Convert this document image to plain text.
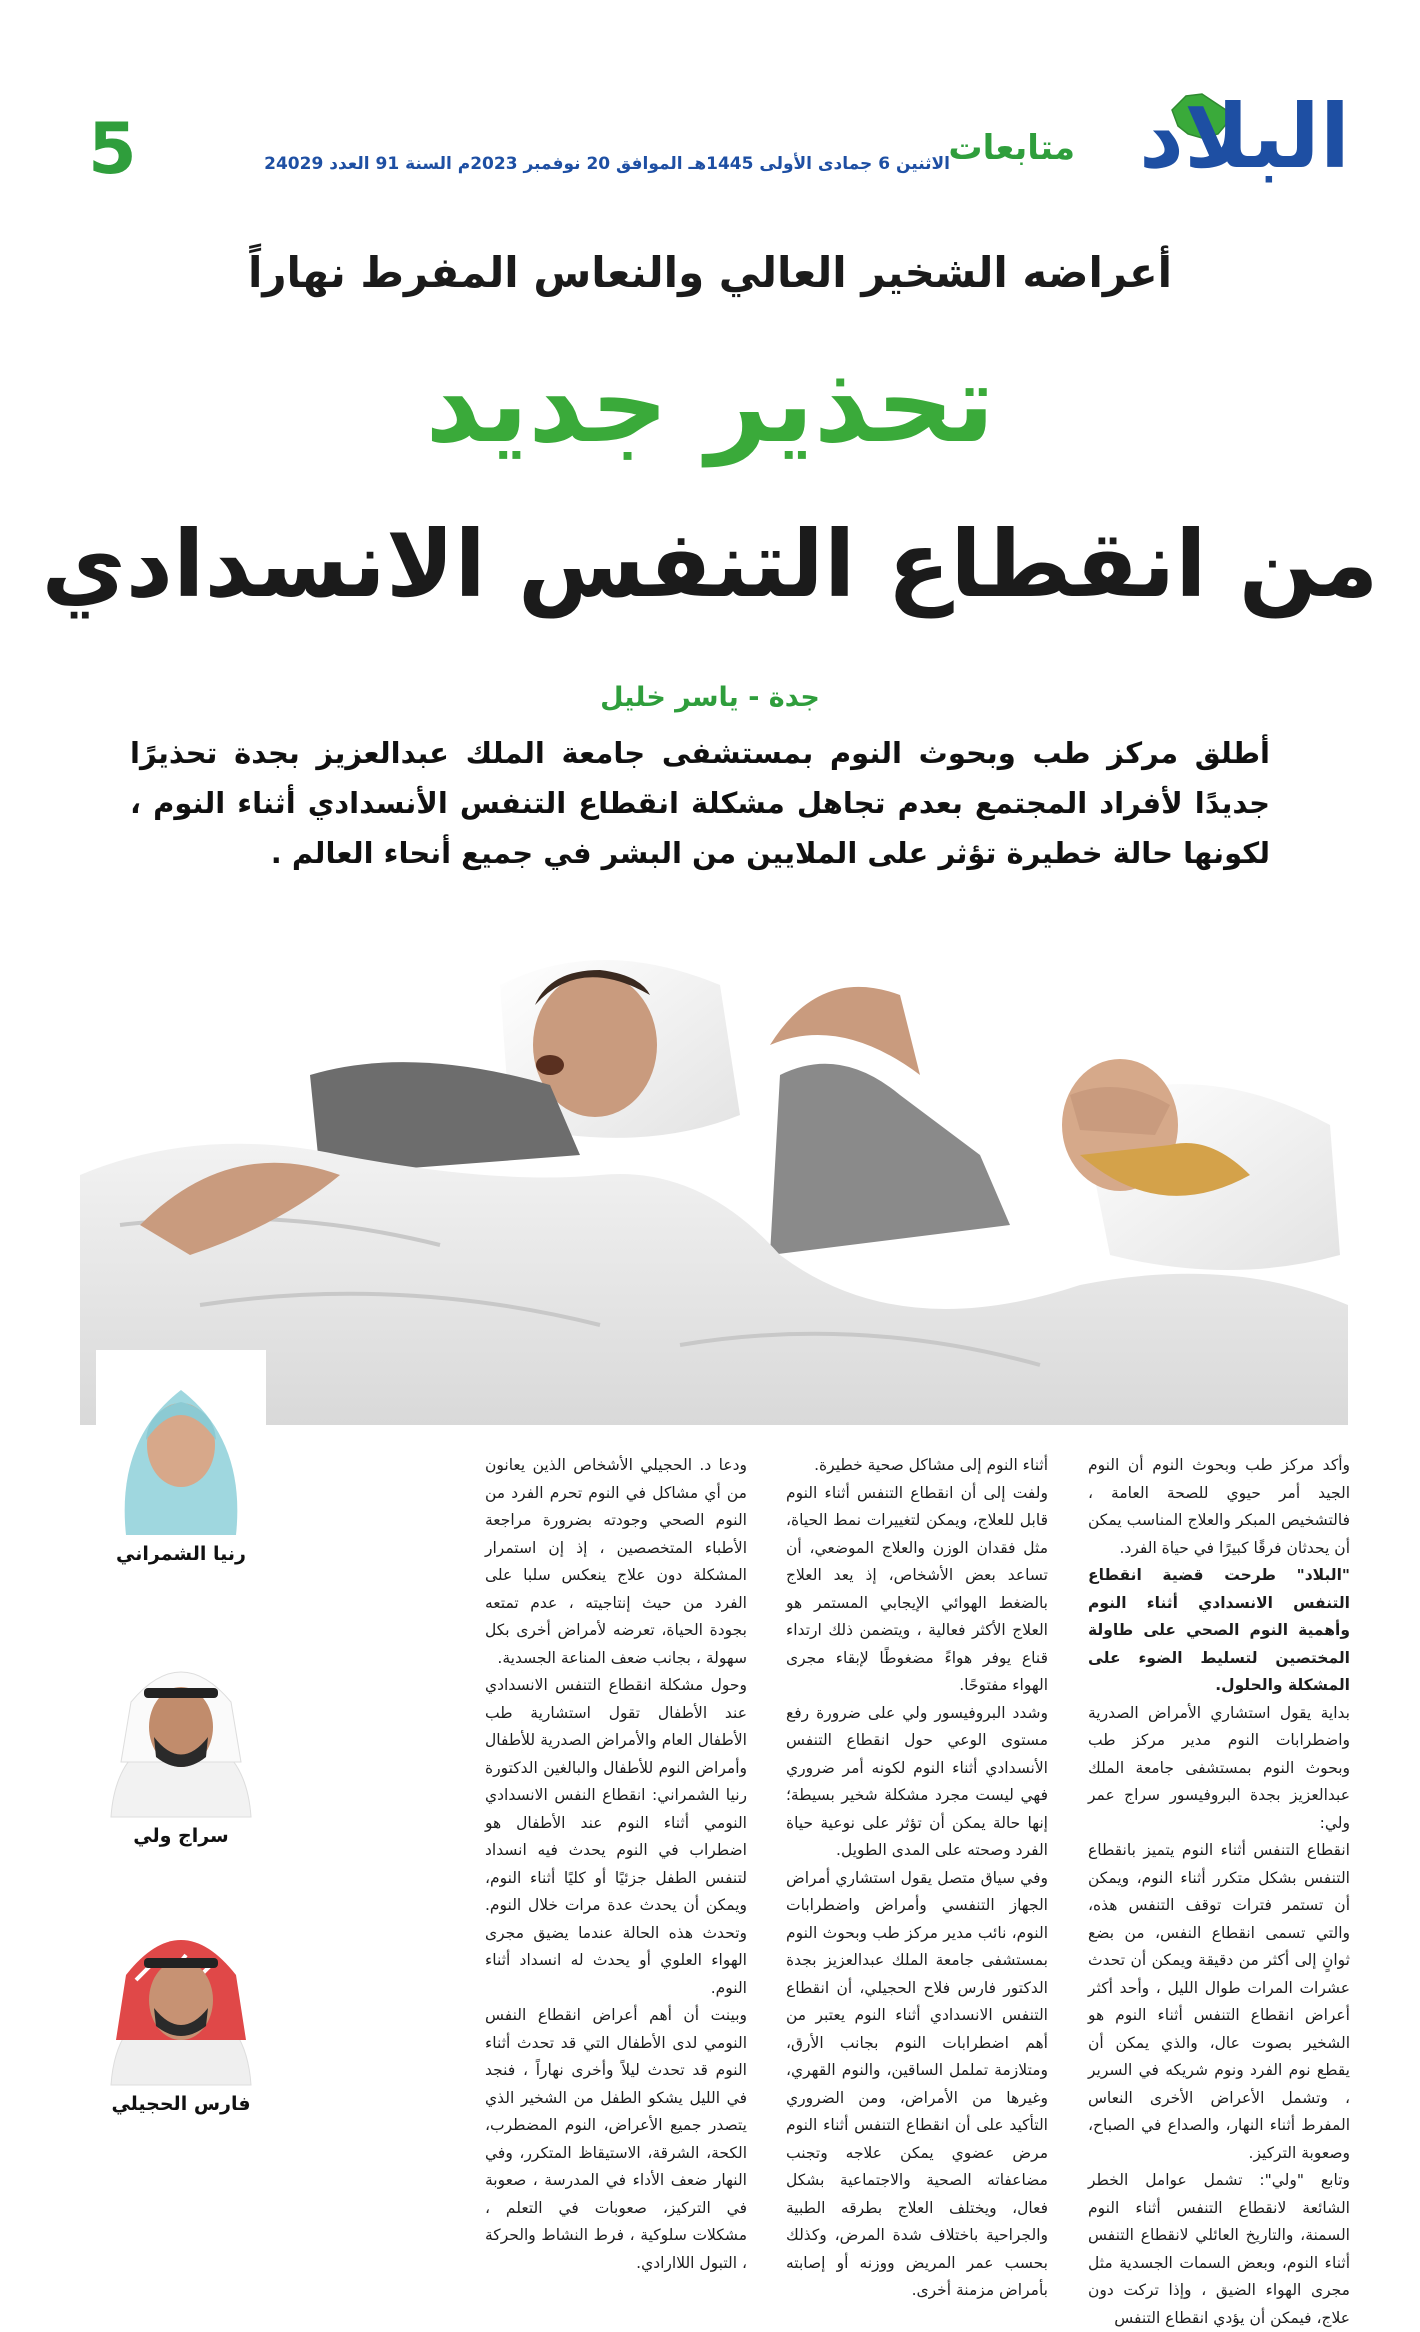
البلاد
متابعات
الاثنين 6 جمادى الأولى 1445هـ الموافق 20 نوفمبر 2023م السنة 91 العدد 24029
5
أعراضه الشخير العالي والنعاس المفرط نهاراً
تحذير جديد
من انقطاع التنفس الانسدادي
جدة - ياسر خليل
أطلق مركز طب وبحوث النوم بمستشفى جامعة الملك عبدالعزيز بجدة تحذيرًا جديدًا لأفراد المجتمع بعدم تجاهل مشكلة انقطاع التنفس الأنسدادي أثناء النوم ، لكونها حالة خطيرة تؤثر على الملايين من البشر في جميع أنحاء العالم .

وأكد مركز طب وبحوث النوم أن النوم الجيد أمر حيوي للصحة العامة ، فالتشخيص المبكر والعلاج المناسب يمكن أن يحدثان فرقًا كبيرًا في حياة الفرد.

"البلاد" طرحت قضية انقطاع التنفس الانسدادي أثناء النوم وأهمية النوم الصحي على طاولة المختصين لتسليط الضوء على المشكلة والحلول.

بداية يقول استشاري الأمراض الصدرية واضطرابات النوم مدير مركز طب وبحوث النوم بمستشفى جامعة الملك عبدالعزيز بجدة البروفيسور سراج عمر ولي:

انقطاع التنفس أثناء النوم يتميز بانقطاع التنفس بشكل متكرر أثناء النوم، ويمكن أن تستمر فترات توقف التنفس هذه، والتي تسمى انقطاع النفس، من بضع ثوانٍ إلى أكثر من دقيقة ويمكن أن تحدث عشرات المرات طوال الليل ، وأحد أكثر أعراض انقطاع التنفس أثناء النوم هو الشخير بصوت عال، والذي يمكن أن يقطع نوم الفرد ونوم شريكه في السرير ، وتشمل الأعراض الأخرى النعاس المفرط أثناء النهار، والصداع في الصباح، وصعوبة التركيز.

وتابع "ولي": تشمل عوامل الخطر الشائعة لانقطاع التنفس أثناء النوم السمنة، والتاريخ العائلي لانقطاع التنفس أثناء النوم، وبعض السمات الجسدية مثل مجرى الهواء الضيق ، وإذا تركت دون علاج، فيمكن أن يؤدي انقطاع التنفس

أثناء النوم إلى مشاكل صحية خطيرة.

ولفت إلى أن انقطاع التنفس أثناء النوم قابل للعلاج، ويمكن لتغييرات نمط الحياة، مثل فقدان الوزن والعلاج الموضعي، أن تساعد بعض الأشخاص، إذ يعد العلاج بالضغط الهوائي الإيجابي المستمر هو العلاج الأكثر فعالية ، ويتضمن ذلك ارتداء قناع يوفر هواءً مضغوطًا لإبقاء مجرى الهواء مفتوحًا.

وشدد البروفيسور ولي على ضرورة رفع مستوى الوعي حول انقطاع التنفس الأنسدادي أثناء النوم لكونه أمر ضروري فهي ليست مجرد مشكلة شخير بسيطة؛ إنها حالة يمكن أن تؤثر على نوعية حياة الفرد وصحته على المدى الطويل.

وفي سياق متصل يقول استشاري أمراض الجهاز التنفسي وأمراض واضطرابات النوم، نائب مدير مركز طب وبحوث النوم بمستشفى جامعة الملك عبدالعزيز بجدة الدكتور فارس فلاح الحجيلي، أن انقطاع التنفس الانسدادي أثناء النوم يعتبر من أهم اضطرابات النوم بجانب الأرق، ومتلازمة تململ الساقين، والنوم القهري، وغيرها من الأمراض، ومن الضروري التأكيد على أن انقطاع التنفس أثناء النوم مرض عضوي يمكن علاجه وتجنب مضاعفاته الصحية والاجتماعية بشكل فعال، ويختلف العلاج بطرقه الطبية والجراحية باختلاف شدة المرض، وكذلك بحسب عمر المريض ووزنه أو إصابته بأمراض مزمنة أخرى.

ودعا د. الحجيلي الأشخاص الذين يعانون من أي مشاكل في النوم تحرم الفرد من النوم الصحي وجودته بضرورة مراجعة الأطباء المتخصصين ، إذ إن استمرار المشكلة دون علاج ينعكس سلبا على الفرد من حيث إنتاجيته ، عدم تمتعه بجودة الحياة، تعرضه لأمراض أخرى بكل سهولة ، بجانب ضعف المناعة الجسدية.

وحول مشكلة انقطاع التنفس الانسدادي عند الأطفال تقول استشارية طب الأطفال العام والأمراض الصدرية للأطفال وأمراض النوم للأطفال والبالغين الدكتورة رنيا الشمراني: انقطاع النفس الانسدادي النومي أثناء النوم عند الأطفال هو اضطراب في النوم يحدث فيه انسداد لتنفس الطفل جزئيًا أو كليًا أثناء النوم، ويمكن أن يحدث عدة مرات خلال النوم. وتحدث هذه الحالة عندما يضيق مجرى الهواء العلوي أو يحدث له انسداد أثناء النوم.

وبينت أن أهم أعراض انقطاع النفس النومي لدى الأطفال التي قد تحدث أثناء النوم قد تحدث ليلاً وأخرى نهاراً ، فنجد في الليل يشكو الطفل من الشخير الذي يتصدر جميع الأعراض، النوم المضطرب، الكحة، الشرقة، الاستيقاظ المتكرر، وفي النهار ضعف الأداء في المدرسة ، صعوبة في التركيز، صعوبات في التعلم ، مشكلات سلوكية ، فرط النشاط والحركة ، التبول اللاارادي.

رنيا الشمراني
سراج ولي
فارس الحجيلي
